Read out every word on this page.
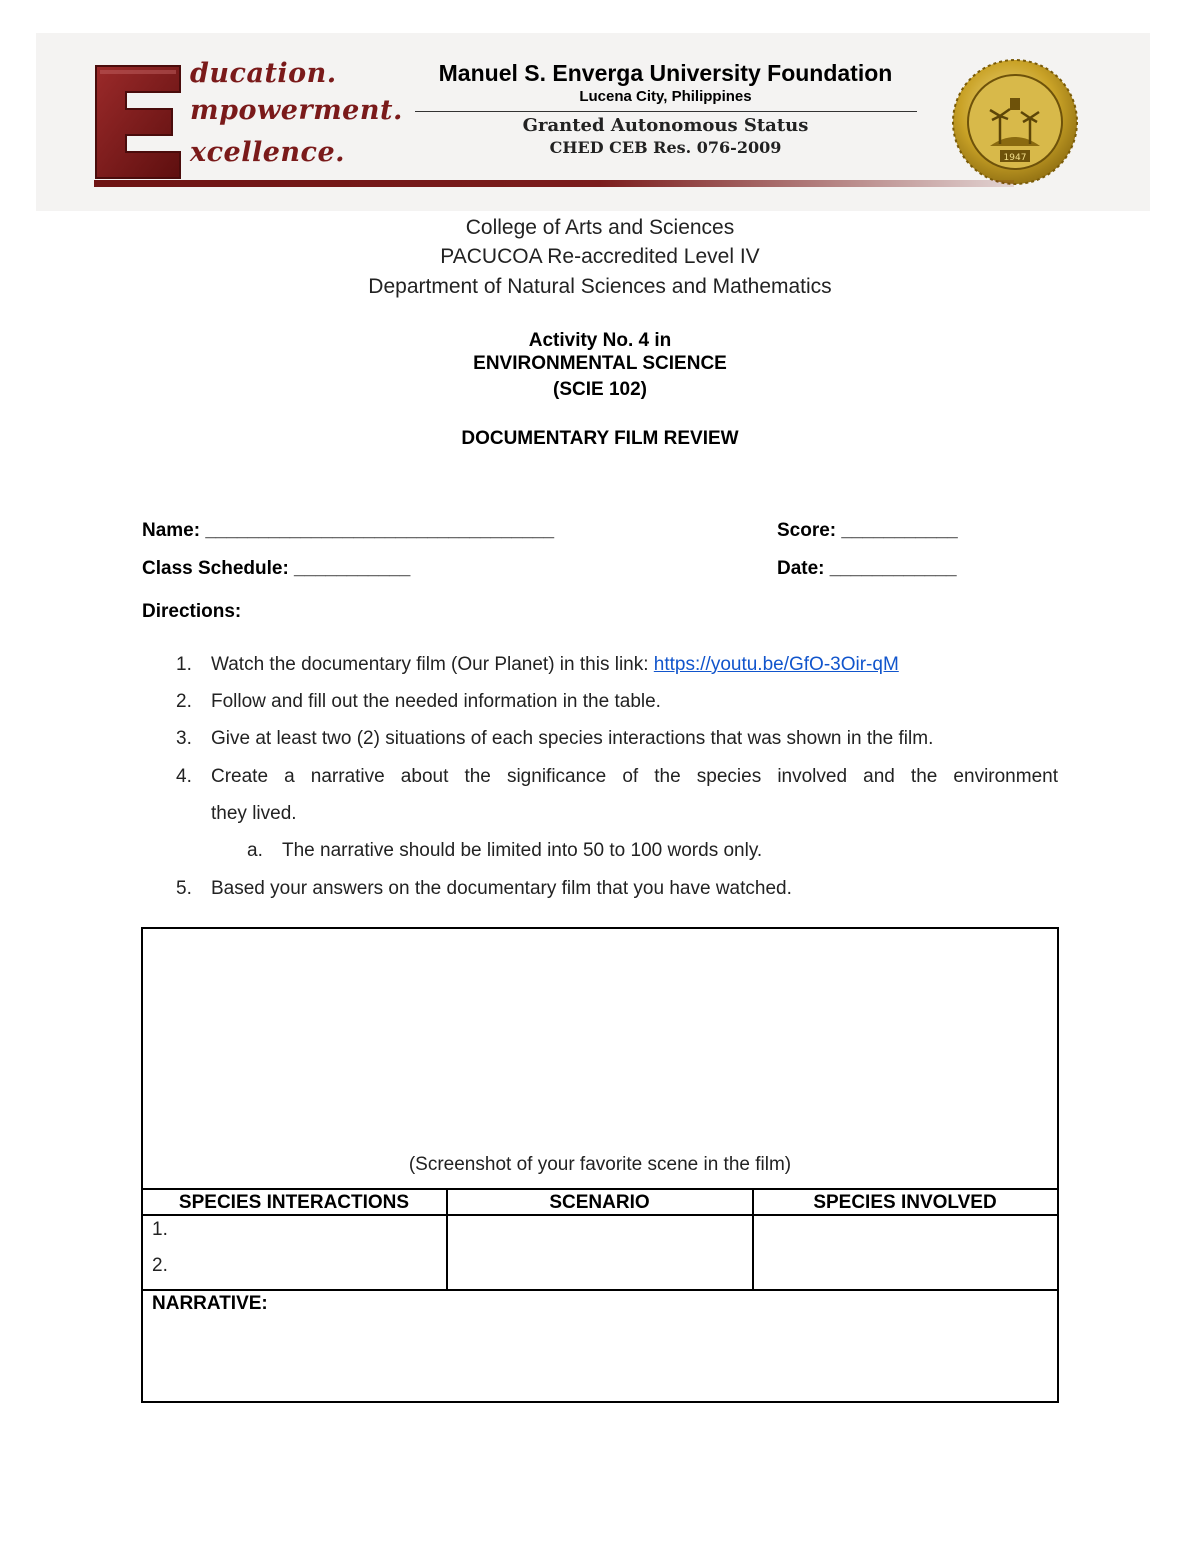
ducation.
mpowerment.
xcellence.
Manuel S. Enverga University Foundation
Lucena City, Philippines
Granted Autonomous Status
CHED CEB Res. 076-2009
1947
College of Arts and Sciences
PACUCOA Re-accredited Level IV
Department of Natural Sciences and Mathematics
Activity No. 4 in
ENVIRONMENTAL SCIENCE
(SCIE 102)
DOCUMENTARY FILM REVIEW
Name: _________________________________	Score: ___________
Class Schedule: ___________	Date: ____________
Directions:
1. Watch the documentary film (Our Planet) in this link: https://youtu.be/GfO-3Oir-qM
2. Follow and fill out the needed information in the table.
3. Give at least two (2) situations of each species interactions that was shown in the film.
4. Create a narrative about the significance of the species involved and the environment
they lived.
a. The narrative should be limited into 50 to 100 words only.
5. Based your answers on the documentary film that you have watched.
(Screenshot of your favorite scene in the film)
SPECIES INTERACTIONS	SCENARIO	SPECIES INVOLVED
1.
2.
NARRATIVE:
